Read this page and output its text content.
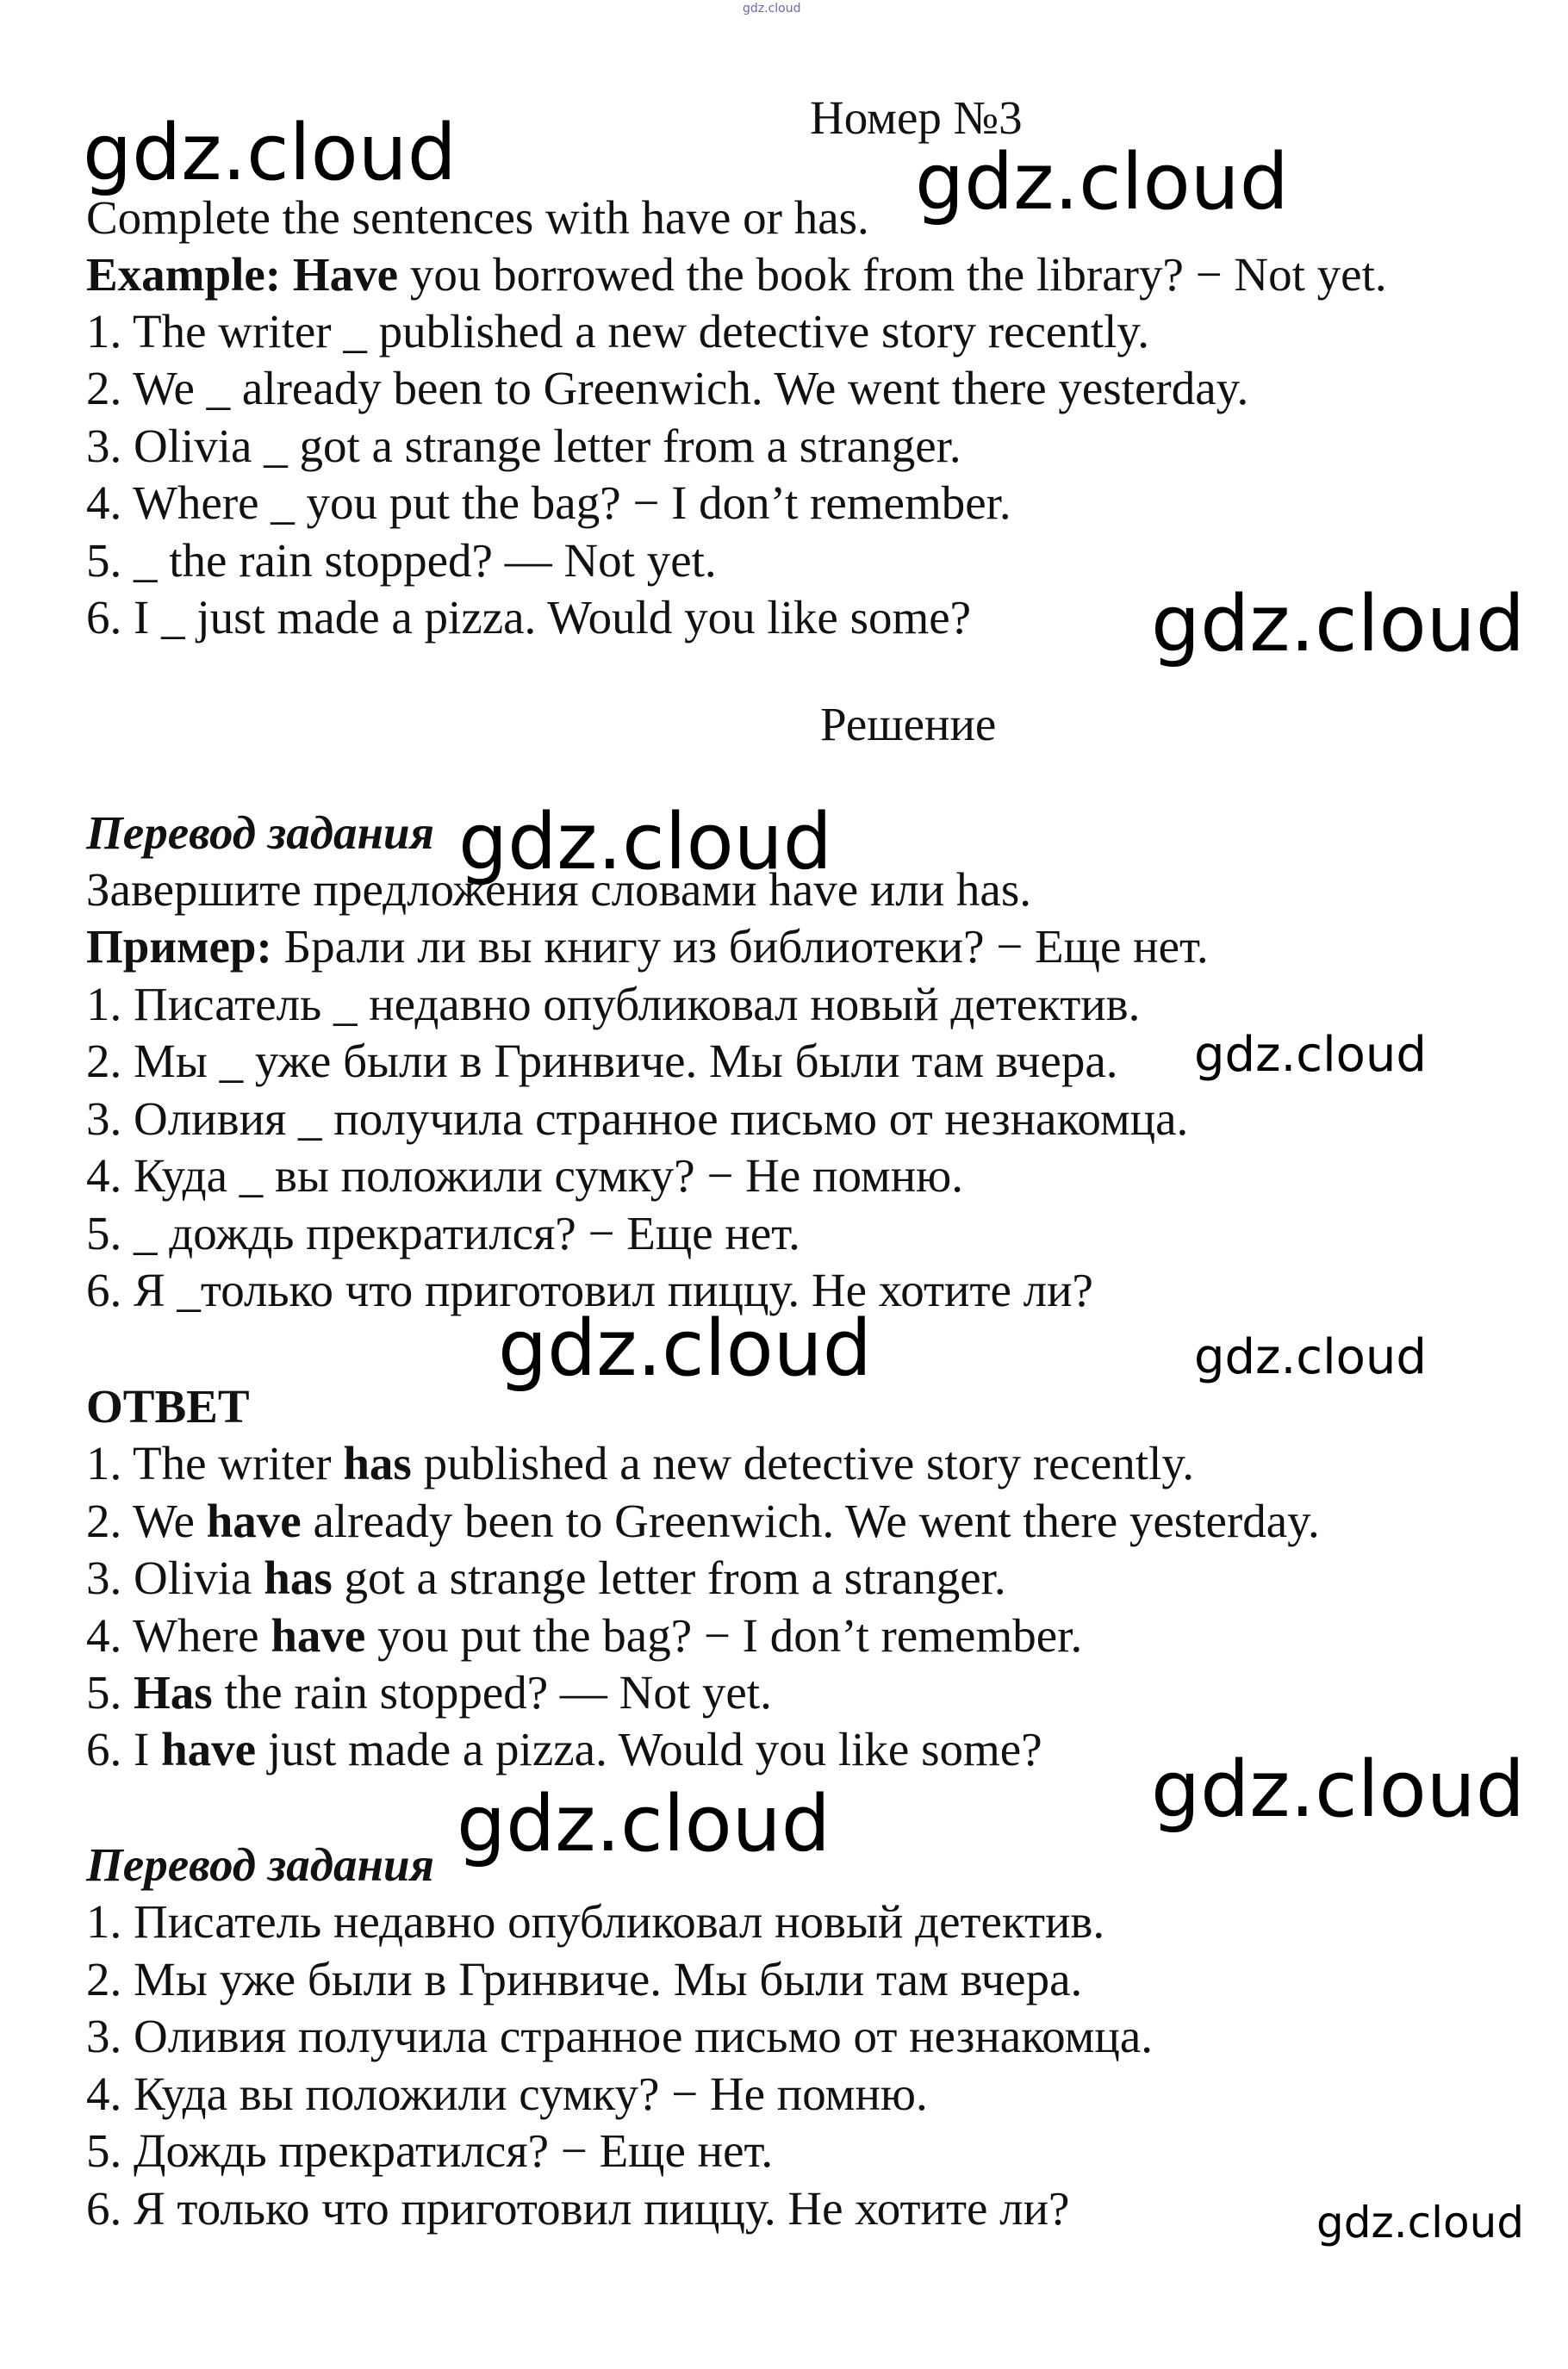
gdz.cloud
gdz.cloud	gdz.cloud
gdz.cloud
gdz.cloud
gdz.cloud
gdz.cloud	gdz.cloud
gdz.cloud
gdz.cloud
gdz.cloud
Номер №3
Complete the sentences with have or has.
Example: Have you borrowed the book from the library? − Not yet.
1. The writer _ published a new detective story recently.
2. We _ already been to Greenwich. We went there yesterday.
3. Olivia _ got a strange letter from a stranger.
4. Where _ you put the bag? − I don’t remember.
5. _ the rain stopped? — Not yet.
6. I _ just made a pizza. Would you like some?
Решение
Перевод задания
Завершите предложения словами have или has.
Пример: Брали ли вы книгу из библиотеки? − Еще нет.
1. Писатель _ недавно опубликовал новый детектив.
2. Мы _ уже были в Гринвиче. Мы были там вчера.
3. Оливия _ получила странное письмо от незнакомца.
4. Куда _ вы положили сумку? − Не помню.
5. _ дождь прекратился? − Еще нет.
6. Я _только что приготовил пиццу. Не хотите ли?
ОТВЕТ
1. The writer has published a new detective story recently.
2. We have already been to Greenwich. We went there yesterday.
3. Olivia has got a strange letter from a stranger.
4. Where have you put the bag? − I don’t remember.
5. Has the rain stopped? — Not yet.
6. I have just made a pizza. Would you like some?
Перевод задания
1. Писатель недавно опубликовал новый детектив.
2. Мы уже были в Гринвиче. Мы были там вчера.
3. Оливия получила странное письмо от незнакомца.
4. Куда вы положили сумку? − Не помню.
5. Дождь прекратился? − Еще нет.
6. Я только что приготовил пиццу. Не хотите ли?
